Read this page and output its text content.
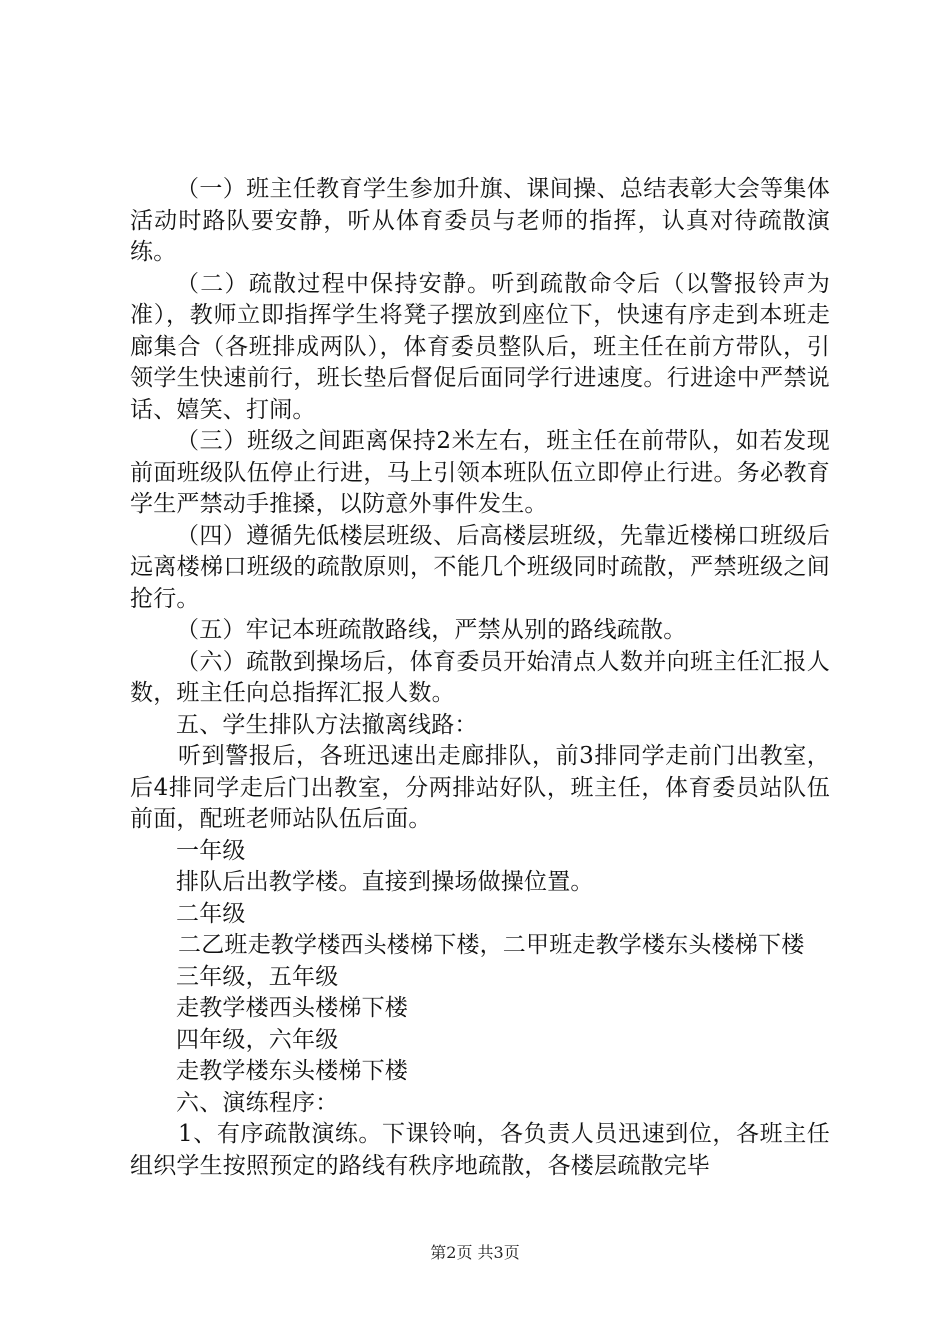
（一）班主任教育学生参加升旗、课间操、总结表彰大会等集体活动时路队要安静，听从体育委员与老师的指挥，认真对待疏散演练。

（二）疏散过程中保持安静。听到疏散命令后（以警报铃声为准），教师立即指挥学生将凳子摆放到座位下，快速有序走到本班走廊集合（各班排成两队），体育委员整队后，班主任在前方带队，引领学生快速前行，班长垫后督促后面同学行进速度。行进途中严禁说话、嬉笑、打闹。

（三）班级之间距离保持2米左右，班主任在前带队，如若发现前面班级队伍停止行进，马上引领本班队伍立即停止行进。务必教育学生严禁动手推搡，以防意外事件发生。

（四）遵循先低楼层班级、后高楼层班级，先靠近楼梯口班级后远离楼梯口班级的疏散原则，不能几个班级同时疏散，严禁班级之间抢行。

（五）牢记本班疏散路线，严禁从别的路线疏散。

（六）疏散到操场后，体育委员开始清点人数并向班主任汇报人数，班主任向总指挥汇报人数。

五、学生排队方法撤离线路：

听到警报后，各班迅速出走廊排队，前3排同学走前门出教室，后4排同学走后门出教室，分两排站好队，班主任，体育委员站队伍前面，配班老师站队伍后面。

一年级

排队后出教学楼。直接到操场做操位置。

二年级

二乙班走教学楼西头楼梯下楼，二甲班走教学楼东头楼梯下楼

三年级，五年级

走教学楼西头楼梯下楼

四年级，六年级

走教学楼东头楼梯下楼

六、演练程序：

1、有序疏散演练。下课铃响，各负责人员迅速到位，各班主任组织学生按照预定的路线有秩序地疏散，各楼层疏散完毕

第2页 共3页
